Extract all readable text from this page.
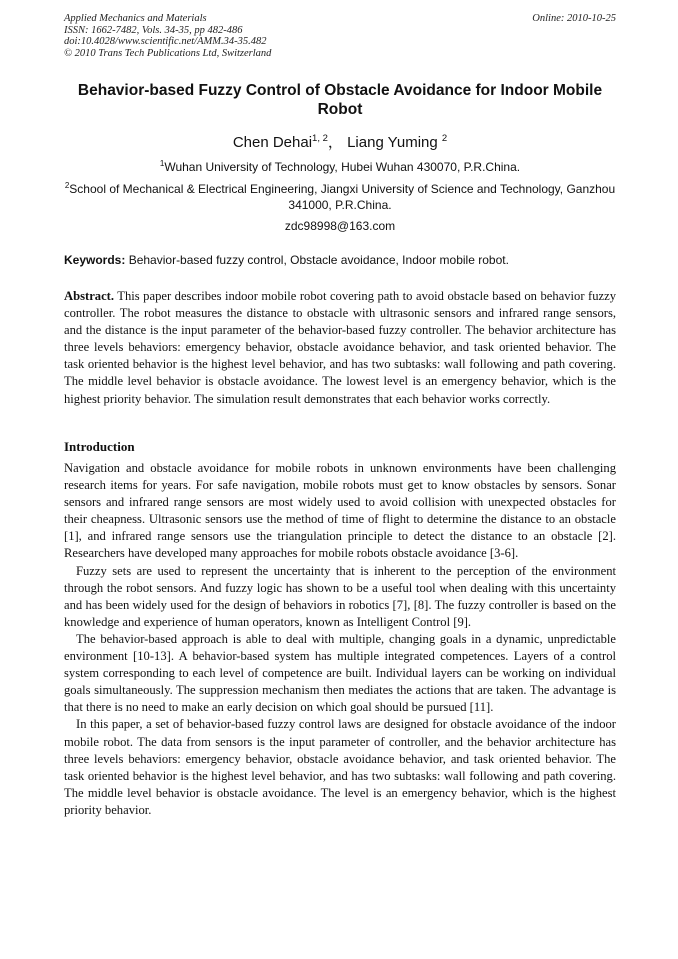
Applied Mechanics and Materials
ISSN: 1662-7482, Vols. 34-35, pp 482-486
doi:10.4028/www.scientific.net/AMM.34-35.482
© 2010 Trans Tech Publications Ltd, Switzerland
Online: 2010-10-25
Behavior-based Fuzzy Control of Obstacle Avoidance for Indoor Mobile Robot
Chen Dehai$^{1, 2}$， Liang Yuming $^2$
$^1$Wuhan University of Technology, Hubei Wuhan 430070, P.R.China.
$^2$School of Mechanical & Electrical Engineering, Jiangxi University of Science and Technology, Ganzhou 341000, P.R.China.
zdc98998@163.com
Keywords: Behavior-based fuzzy control, Obstacle avoidance, Indoor mobile robot.
Abstract. This paper describes indoor mobile robot covering path to avoid obstacle based on behavior fuzzy controller. The robot measures the distance to obstacle with ultrasonic sensors and infrared range sensors, and the distance is the input parameter of the behavior-based fuzzy controller. The behavior architecture has three levels behaviors: emergency behavior, obstacle avoidance behavior, and task oriented behavior. The task oriented behavior is the highest level behavior, and has two subtasks: wall following and path covering. The middle level behavior is obstacle avoidance. The lowest level is an emergency behavior, which is the highest priority behavior. The simulation result demonstrates that each behavior works correctly.
Introduction

Navigation and obstacle avoidance for mobile robots in unknown environments have been challenging research items for years. For safe navigation, mobile robots must get to know obstacles by sensors. Sonar sensors and infrared range sensors are most widely used to avoid collision with unexpected obstacles for their cheapness. Ultrasonic sensors use the method of time of flight to determine the distance to an obstacle [1], and infrared range sensors use the triangulation principle to detect the distance to an obstacle [2]. Researchers have developed many approaches for mobile robots obstacle avoidance [3-6].

Fuzzy sets are used to represent the uncertainty that is inherent to the perception of the environment through the robot sensors. And fuzzy logic has shown to be a useful tool when dealing with this uncertainty and has been widely used for the design of behaviors in robotics [7], [8]. The fuzzy controller is based on the knowledge and experience of human operators, known as Intelligent Control [9].

The behavior-based approach is able to deal with multiple, changing goals in a dynamic, unpredictable environment [10-13]. A behavior-based system has multiple integrated competences. Layers of a control system corresponding to each level of competence are built. Individual layers can be working on individual goals simultaneously. The suppression mechanism then mediates the actions that are taken. The advantage is that there is no need to make an early decision on which goal should be pursued [11].

In this paper, a set of behavior-based fuzzy control laws are designed for obstacle avoidance of the indoor mobile robot. The data from sensors is the input parameter of controller, and the behavior architecture has three levels behaviors: emergency behavior, obstacle avoidance behavior, and task oriented behavior. The task oriented behavior is the highest level behavior, and has two subtasks: wall following and path covering. The middle level behavior is obstacle avoidance. The level is an emergency behavior, which is the highest priority behavior.
